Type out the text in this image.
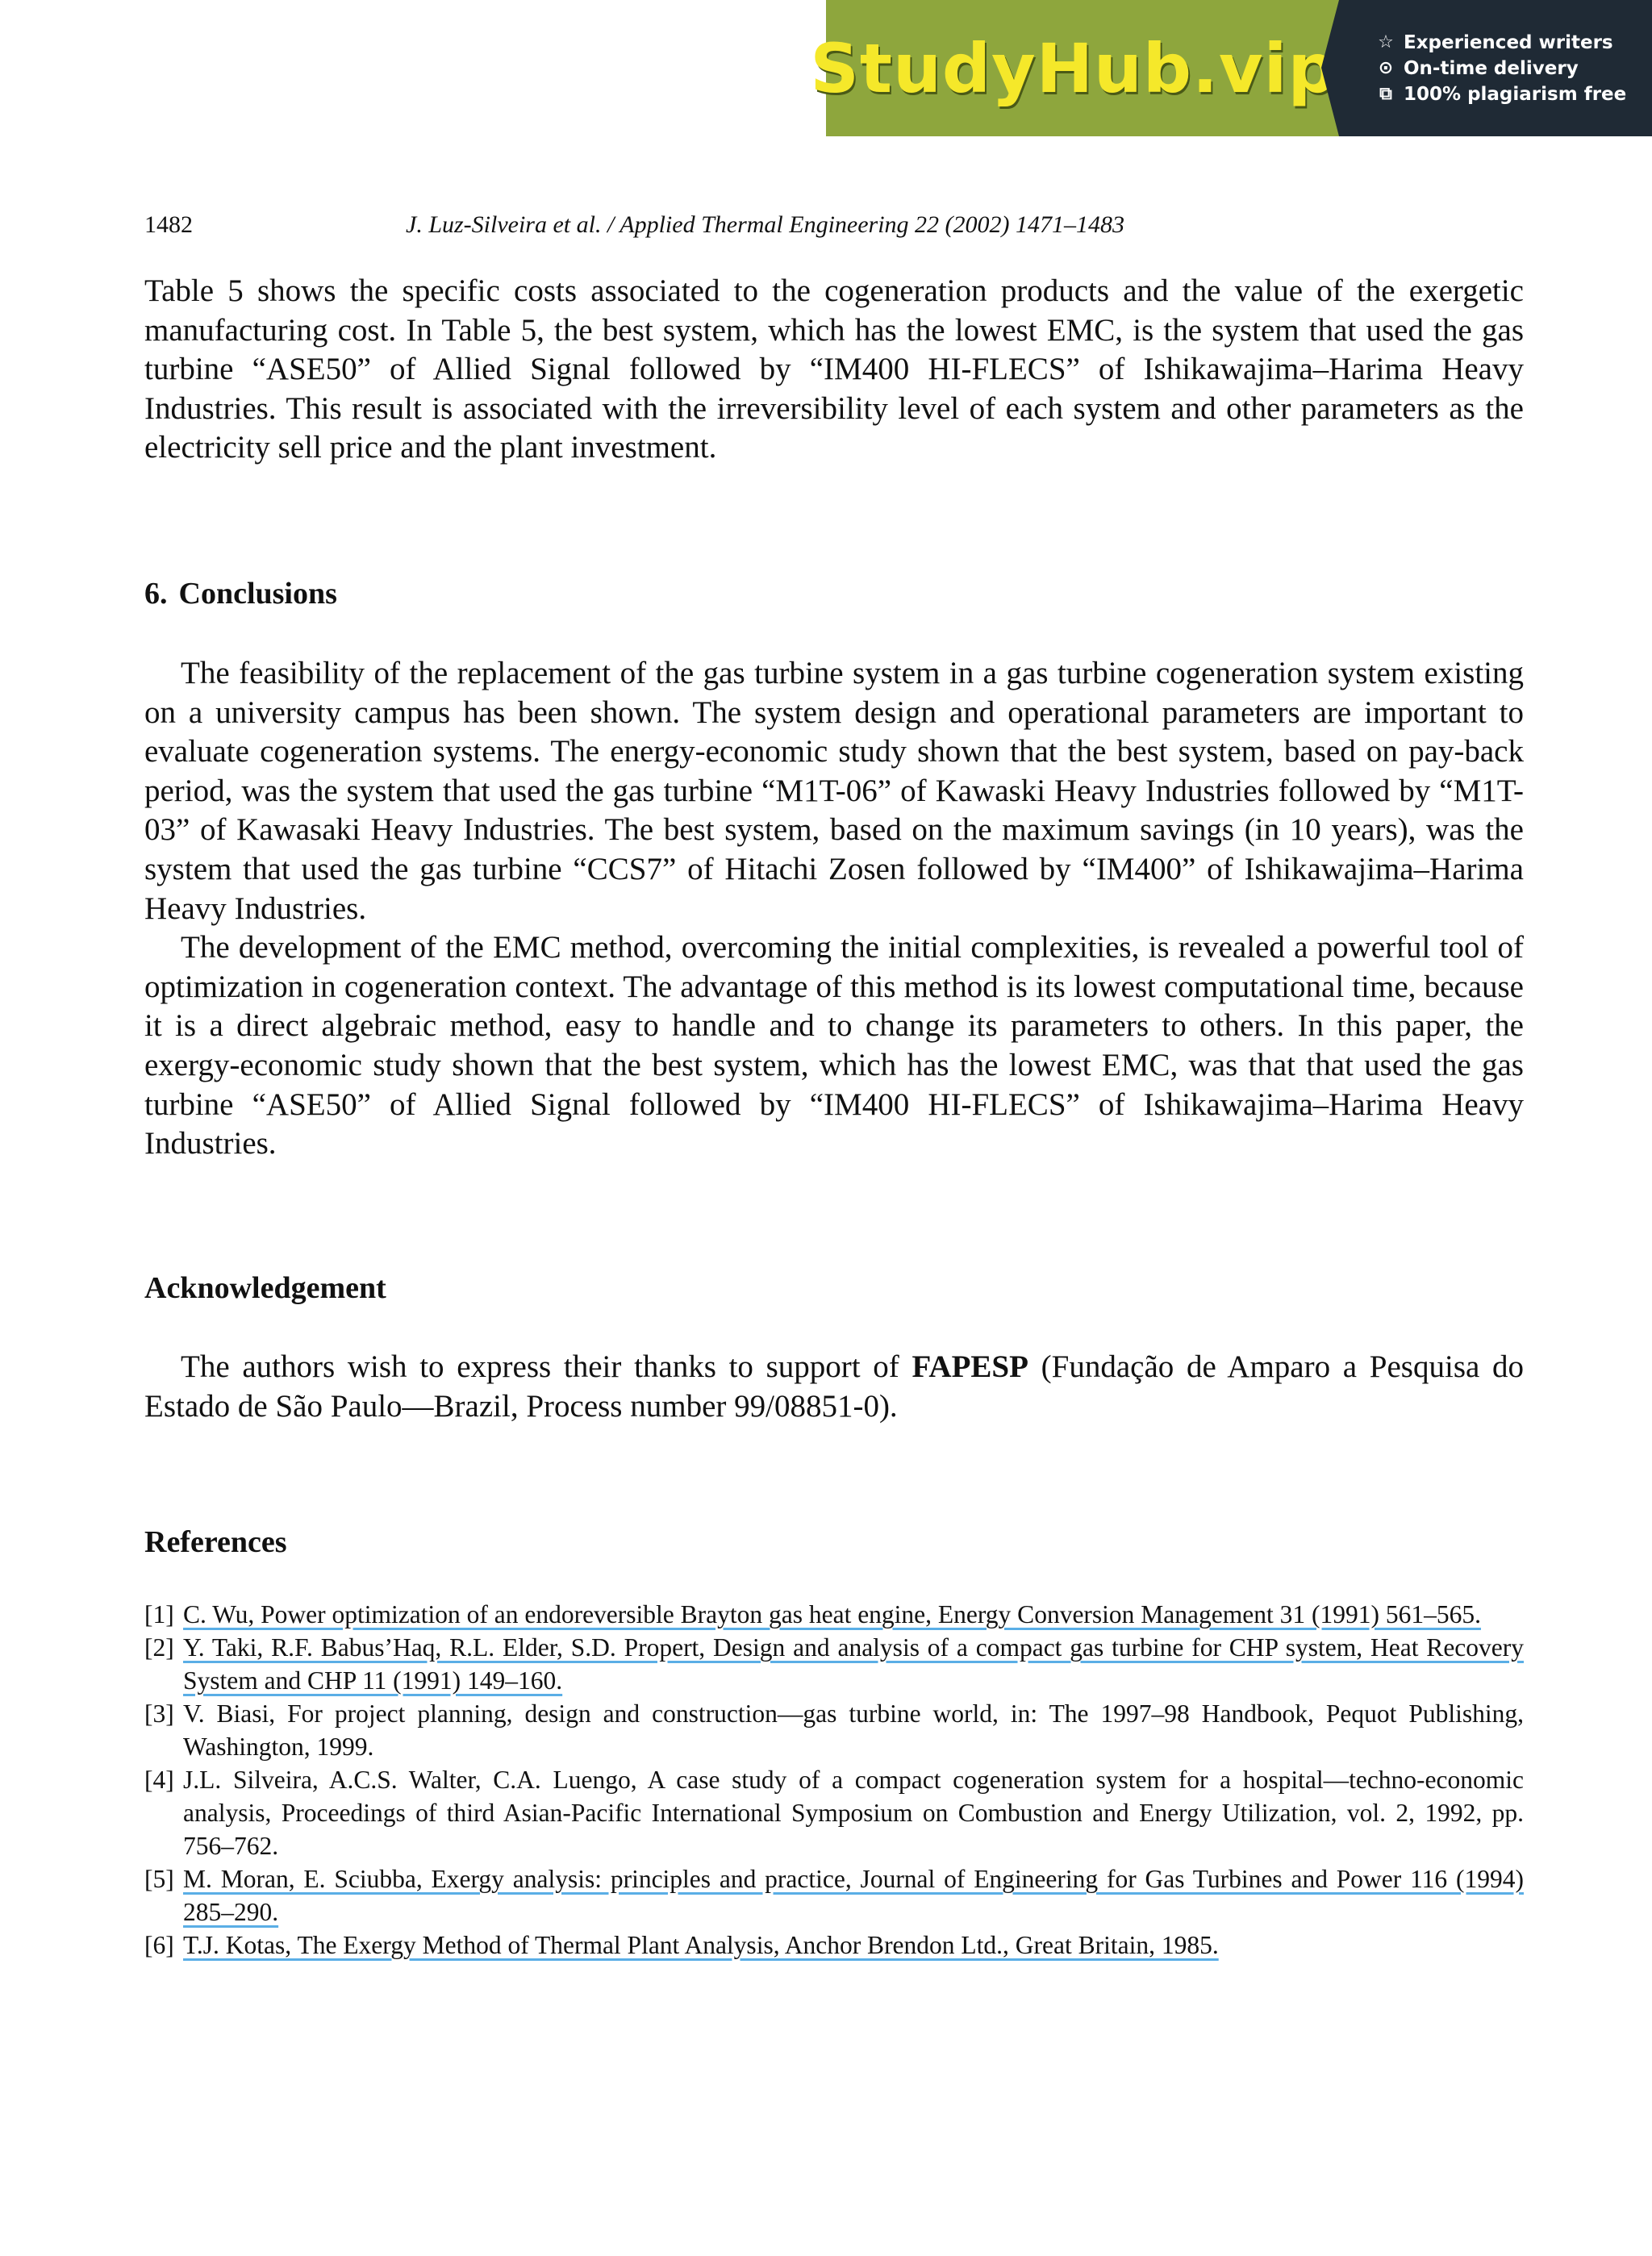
StudyHub.vip ☆ Experienced writers
⊙ On-time delivery
⧉ 100% plagiarism free
1482	J. Luz-Silveira et al. / Applied Thermal Engineering 22 (2002) 1471–1483

Table 5 shows the specific costs associated to the cogeneration products and the value of the exergetic manufacturing cost. In Table 5, the best system, which has the lowest EMC, is the system that used the gas turbine “ASE50” of Allied Signal followed by “IM400 HI-FLECS” of Ishikawajima–Harima Heavy Industries. This result is associated with the irreversibility level of each system and other parameters as the electricity sell price and the plant investment.

6. Conclusions

The feasibility of the replacement of the gas turbine system in a gas turbine cogeneration system existing on a university campus has been shown. The system design and operational parameters are important to evaluate cogeneration systems. The energy-economic study shown that the best system, based on pay-back period, was the system that used the gas turbine “M1T-06” of Kawaski Heavy Industries followed by “M1T-03” of Kawasaki Heavy Industries. The best system, based on the maximum savings (in 10 years), was the system that used the gas turbine “CCS7” of Hitachi Zosen followed by “IM400” of Ishikawajima–Harima Heavy Industries.

The development of the EMC method, overcoming the initial complexities, is revealed a powerful tool of optimization in cogeneration context. The advantage of this method is its lowest computational time, because it is a direct algebraic method, easy to handle and to change its parameters to others. In this paper, the exergy-economic study shown that the best system, which has the lowest EMC, was that that used the gas turbine “ASE50” of Allied Signal followed by “IM400 HI-FLECS” of Ishikawajima–Harima Heavy Industries.

Acknowledgement

The authors wish to express their thanks to support of FAPESP (Fundação de Amparo a Pesquisa do Estado de São Paulo—Brazil, Process number 99/08851-0).

References
[1] C. Wu, Power optimization of an endoreversible Brayton gas heat engine, Energy Conversion Management 31 (1991) 561–565.
[2] Y. Taki, R.F. Babus’Haq, R.L. Elder, S.D. Propert, Design and analysis of a compact gas turbine for CHP system, Heat Recovery System and CHP 11 (1991) 149–160.
[3] V. Biasi, For project planning, design and construction—gas turbine world, in: The 1997–98 Handbook, Pequot Publishing, Washington, 1999.
[4] J.L. Silveira, A.C.S. Walter, C.A. Luengo, A case study of a compact cogeneration system for a hospital—techno-economic analysis, Proceedings of third Asian-Pacific International Symposium on Combustion and Energy Utilization, vol. 2, 1992, pp. 756–762.
[5] M. Moran, E. Sciubba, Exergy analysis: principles and practice, Journal of Engineering for Gas Turbines and Power 116 (1994) 285–290.
[6] T.J. Kotas, The Exergy Method of Thermal Plant Analysis, Anchor Brendon Ltd., Great Britain, 1985.
